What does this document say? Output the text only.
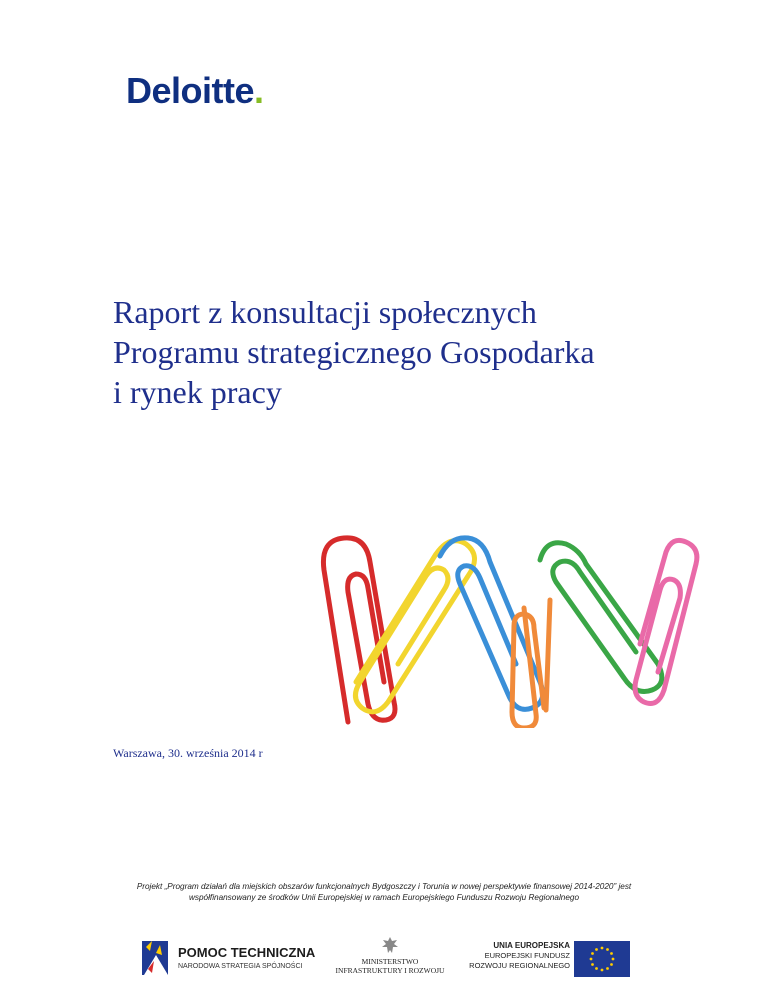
Deloitte.
Raport z konsultacji społecznych
Programu strategicznego Gospodarka
i rynek pracy
Warszawa, 30. września 2014 r
Projekt „Program działań dla miejskich obszarów funkcjonalnych Bydgoszczy i Torunia w nowej perspektywie finansowej 2014-2020” jest
współfinansowany ze środków Unii Europejskiej w ramach Europejskiego Funduszu Rozwoju Regionalnego
POMOC TECHNICZNA
NARODOWA STRATEGIA SPÓJNOŚCI
MINISTERSTWO
INFRASTRUKTURY I ROZWOJU
UNIA EUROPEJSKA
EUROPEJSKI FUNDUSZ
ROZWOJU REGIONALNEGO
